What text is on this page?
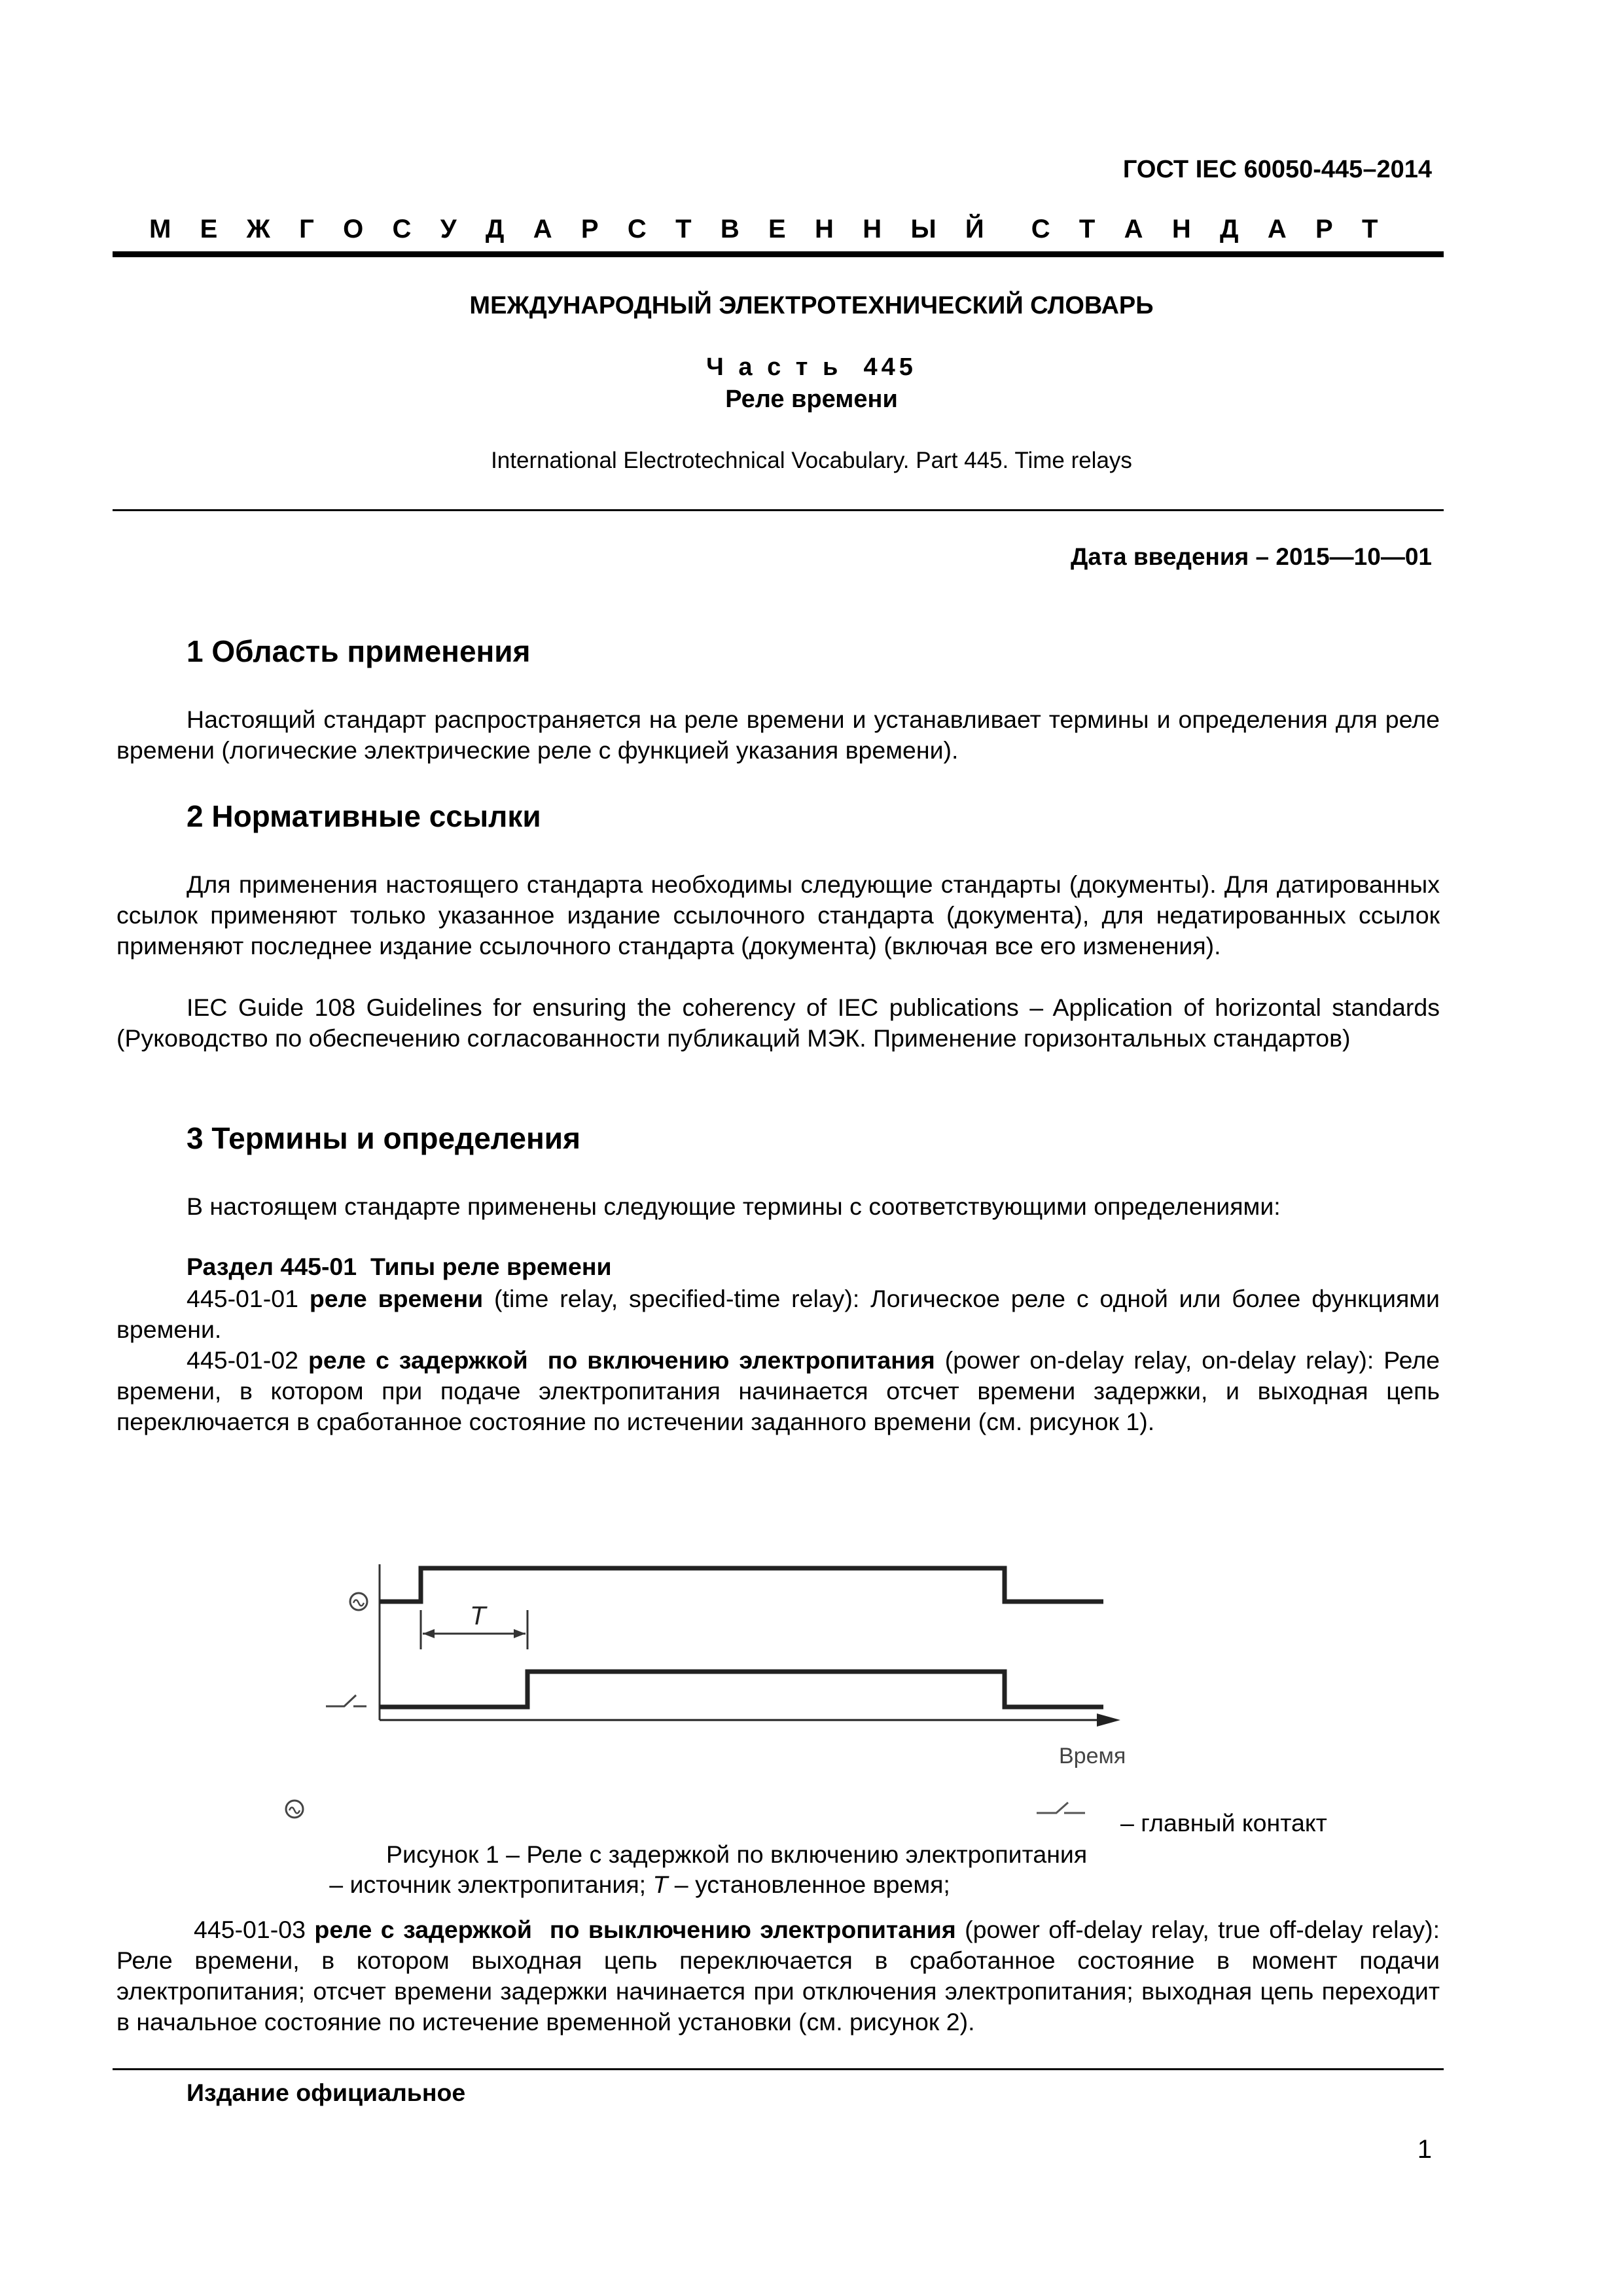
ГОСТ IEC 60050-445–2014
М Е Ж Г О С У Д А Р С Т В Е Н Н Ы Й  С Т А Н Д А Р Т
МЕЖДУНАРОДНЫЙ ЭЛЕКТРОТЕХНИЧЕСКИЙ СЛОВАРЬ
Ч а с т ь  445
Реле времени
International Electrotechnical Vocabulary. Part 445. Time relays
Дата введения – 2015—10—01
1 Область применения

Настоящий стандарт распространяется на реле времени и устанавливает термины и определения для реле времени (логические электрические реле с функцией указания времени).

2 Нормативные ссылки

Для применения настоящего стандарта необходимы следующие стандарты (документы). Для датированных ссылок применяют только указанное издание ссылочного стандарта (документа), для недатированных ссылок применяют последнее издание ссылочного стандарта (документа) (включая все его изменения).

IEC Guide 108 Guidelines for ensuring the coherency of IEC publications – Application of horizontal standards (Руководство по обеспечению согласованности публикаций МЭК. Применение горизонтальных стандартов)

3 Термины и определения

В настоящем стандарте применены следующие термины с соответствующими определениями:

Раздел 445-01  Типы реле времени

445-01-01 реле времени (time relay, specified-time relay): Логическое реле с одной или более функциями времени.

445-01-02 реле с задержкой  по включению электропитания (power on-delay relay, on-delay relay): Реле времени, в котором при подаче электропитания начинается отсчет времени задержки, и выходная цепь переключается в сработанное состояние по истечении заданного времени (см. рисунок 1).

T
Время

– источник электропитания; T – установленное время;

– главный контакт
Рисунок 1 – Реле с задержкой по включению электропитания

445-01-03 реле с задержкой  по выключению электропитания (power off-delay relay, true off-delay relay): Реле времени, в котором выходная цепь переключается в сработанное состояние в момент подачи электропитания; отсчет времени задержки начинается при отключения электропитания; выходная цепь переходит в начальное состояние по истечение временной установки (см. рисунок 2).

Издание официальное
1
